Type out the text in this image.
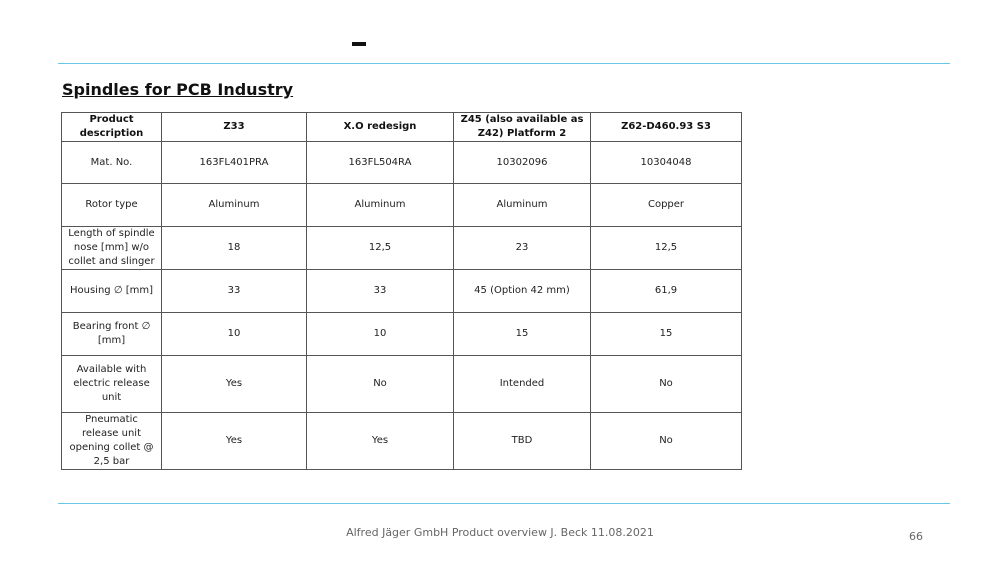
Spindles for PCB Industry
Product description	Z33	X.O redesign	Z45 (also available as Z42) Platform 2	Z62-D460.93 S3
Mat. No.	163FL401PRA	163FL504RA	10302096	10304048
Rotor type	Aluminum	Aluminum	Aluminum	Copper
Length of spindle nose [mm] w/o collet and slinger	18	12,5	23	12,5
Housing ∅ [mm]	33	33	45 (Option 42 mm)	61,9
Bearing front ∅ [mm]	10	10	15	15
Available with electric release unit	Yes	No	Intended	No
Pneumatic release unit opening collet @ 2,5 bar	Yes	Yes	TBD	No
Alfred Jäger GmbH Product overview J. Beck 11.08.2021	66
